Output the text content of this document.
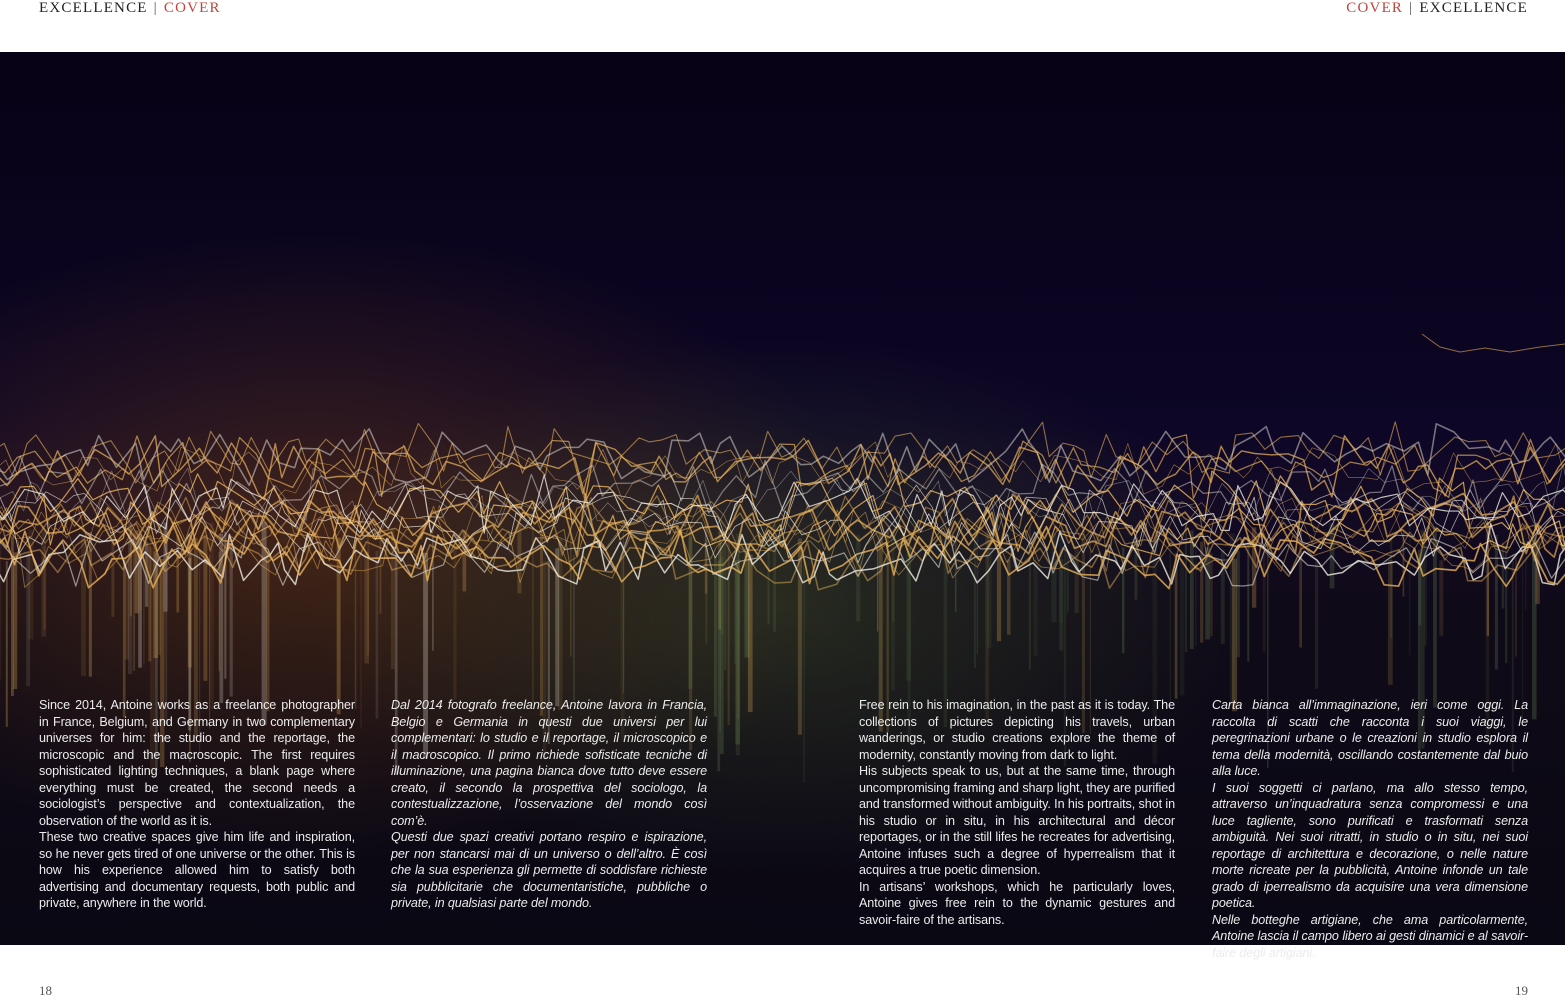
EXCELLENCE | COVER	COVER | EXCELLENCE

Since 2014, Antoine works as a freelance photographer in France, Belgium, and Germany in two complementary universes for him: the studio and the reportage, the microscopic and the macroscopic. The first requires sophisticated lighting techniques, a blank page where everything must be created, the second needs a sociologist’s perspective and contextualization, the observation of the world as it is.

These two creative spaces give him life and inspiration, so he never gets tired of one universe or the other. This is how his experience allowed him to satisfy both advertising and documentary requests, both public and private, anywhere in the world.

Dal 2014 fotografo freelance, Antoine lavora in Francia, Belgio e Germania in questi due universi per lui complementari: lo studio e il reportage, il microscopico e il macroscopico. Il primo richiede sofisticate tecniche di illuminazione, una pagina bianca dove tutto deve essere creato, il secondo la prospettiva del sociologo, la contestualizzazione, l’osservazione del mondo così com’è.

Questi due spazi creativi portano respiro e ispirazione, per non stancarsi mai di un universo o dell’altro. È così che la sua esperienza gli permette di soddisfare richieste sia pubblicitarie che documentaristiche, pubbliche o private, in qualsiasi parte del mondo.

Free rein to his imagination, in the past as it is today. The collections of pictures depicting his travels, urban wanderings, or studio creations explore the theme of modernity, constantly moving from dark to light.

His subjects speak to us, but at the same time, through uncompromising framing and sharp light, they are purified and transformed without ambiguity. In his portraits, shot in his studio or in situ, in his architectural and décor reportages, or in the still lifes he recreates for advertising, Antoine infuses such a degree of hyperrealism that it acquires a true poetic dimension.

In artisans’ workshops, which he particularly loves, Antoine gives free rein to the dynamic gestures and savoir-faire of the artisans.

Carta bianca all’immaginazione, ieri come oggi. La raccolta di scatti che racconta i suoi viaggi, le peregrinazioni urbane o le creazioni in studio esplora il tema della modernità, oscillando costantemente dal buio alla luce.

I suoi soggetti ci parlano, ma allo stesso tempo, attraverso un’inquadratura senza compromessi e una luce tagliente, sono purificati e trasformati senza ambiguità. Nei suoi ritratti, in studio o in situ, nei suoi reportage di architettura e decorazione, o nelle nature morte ricreate per la pubblicità, Antoine infonde un tale grado di iperrealismo da acquisire una vera dimensione poetica.

Nelle botteghe artigiane, che ama particolarmente, Antoine lascia il campo libero ai gesti dinamici e al savoir-faire degli artigiani.

18	19
